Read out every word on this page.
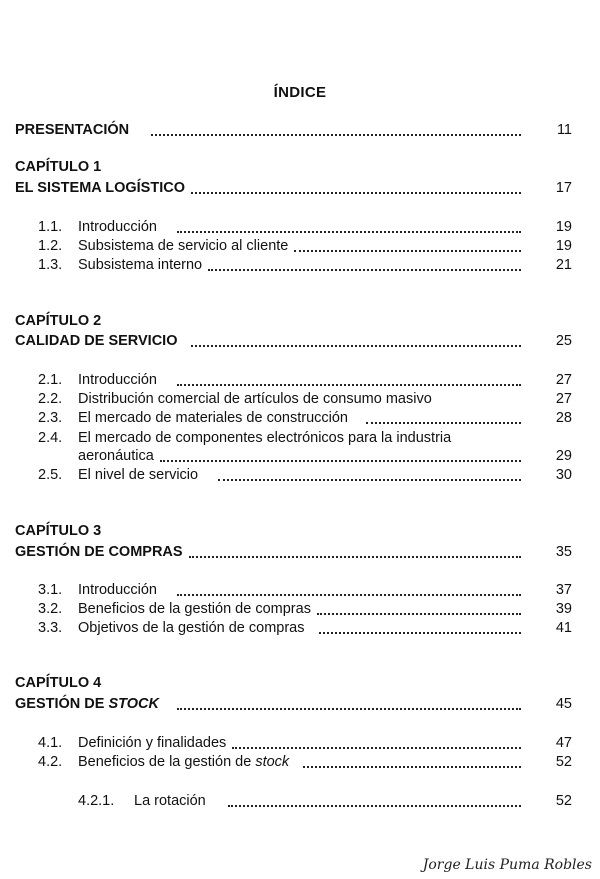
ÍNDICE
PRESENTACIÓN	11
CAPÍTULO 1
EL SISTEMA LOGÍSTICO	17
1.1.	Introducción	19
1.2.	Subsistema de servicio al cliente	19
1.3.	Subsistema interno	21
CAPÍTULO 2
CALIDAD DE SERVICIO	25
2.1.	Introducción	27
2.2.	Distribución comercial de artículos de consumo masivo	27
2.3.	El mercado de materiales de construcción	28
2.4.	El mercado de componentes electrónicos para la industria
aeronáutica	29
2.5.	El nivel de servicio	30
CAPÍTULO 3
GESTIÓN DE COMPRAS	35
3.1.	Introducción	37
3.2.	Beneficios de la gestión de compras	39
3.3.	Objetivos de la gestión de compras	41
CAPÍTULO 4
GESTIÓN DE STOCK	45
4.1.	Definición y finalidades	47
4.2.	Beneficios de la gestión de stock	52
4.2.1.	La rotación	52
Jorge Luis Puma Robles
